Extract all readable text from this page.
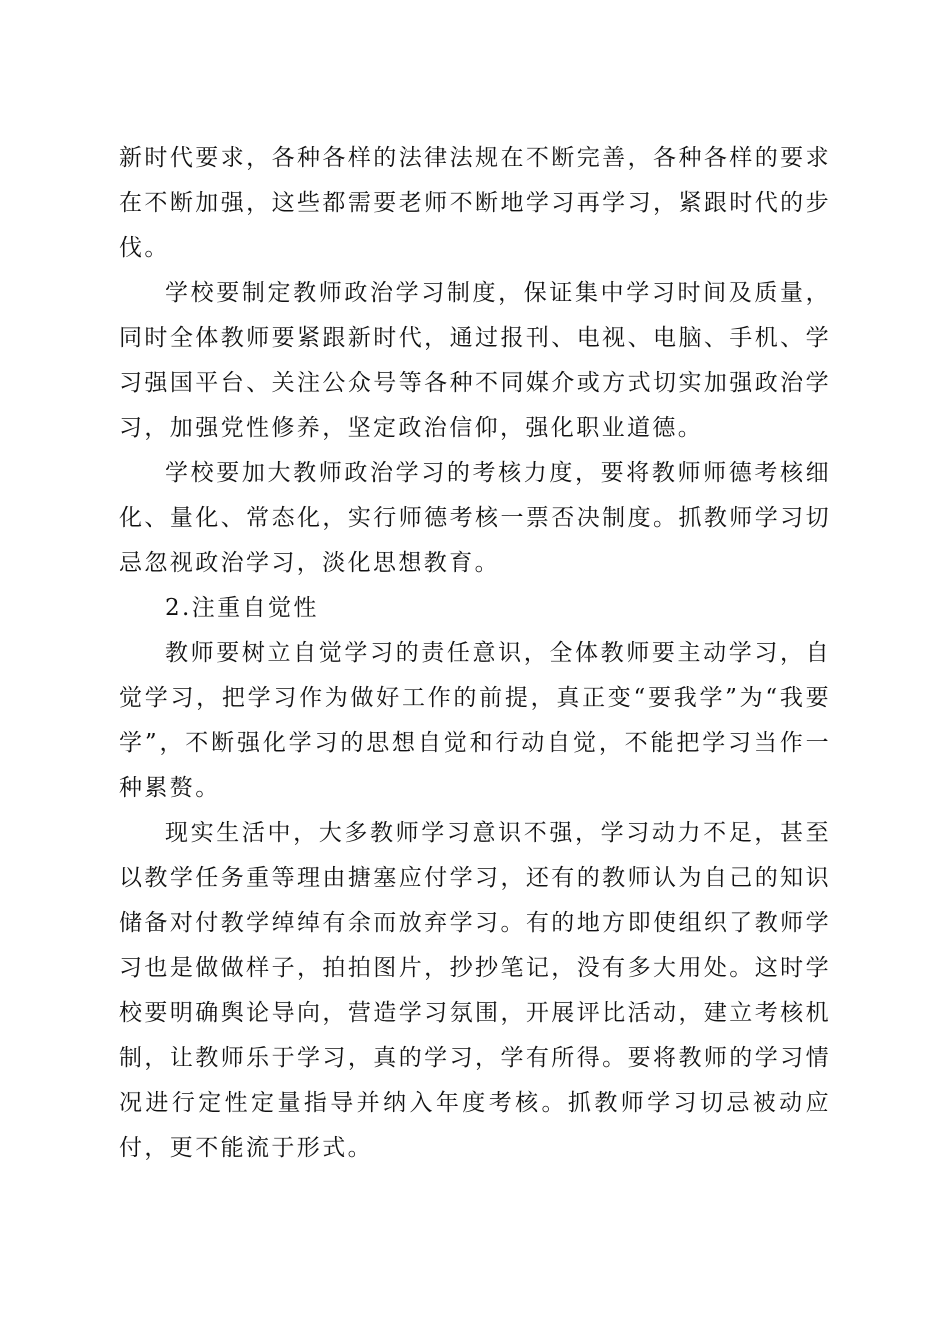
新时代要求，各种各样的法律法规在不断完善，各种各样的要求在不断加强，这些都需要老师不断地学习再学习，紧跟时代的步伐。

学校要制定教师政治学习制度，保证集中学习时间及质量，同时全体教师要紧跟新时代，通过报刊、电视、电脑、手机、学习强国平台、关注公众号等各种不同媒介或方式切实加强政治学习，加强党性修养，坚定政治信仰，强化职业道德。

学校要加大教师政治学习的考核力度，要将教师师德考核细化、量化、常态化，实行师德考核一票否决制度。抓教师学习切忌忽视政治学习，淡化思想教育。

2.注重自觉性

教师要树立自觉学习的责任意识，全体教师要主动学习，自觉学习，把学习作为做好工作的前提，真正变“要我学”为“我要学”，不断强化学习的思想自觉和行动自觉，不能把学习当作一种累赘。

现实生活中，大多教师学习意识不强，学习动力不足，甚至以教学任务重等理由搪塞应付学习，还有的教师认为自己的知识储备对付教学绰绰有余而放弃学习。有的地方即使组织了教师学习也是做做样子，拍拍图片，抄抄笔记，没有多大用处。这时学校要明确舆论导向，营造学习氛围，开展评比活动，建立考核机制，让教师乐于学习，真的学习，学有所得。要将教师的学习情况进行定性定量指导并纳入年度考核。抓教师学习切忌被动应付，更不能流于形式。
